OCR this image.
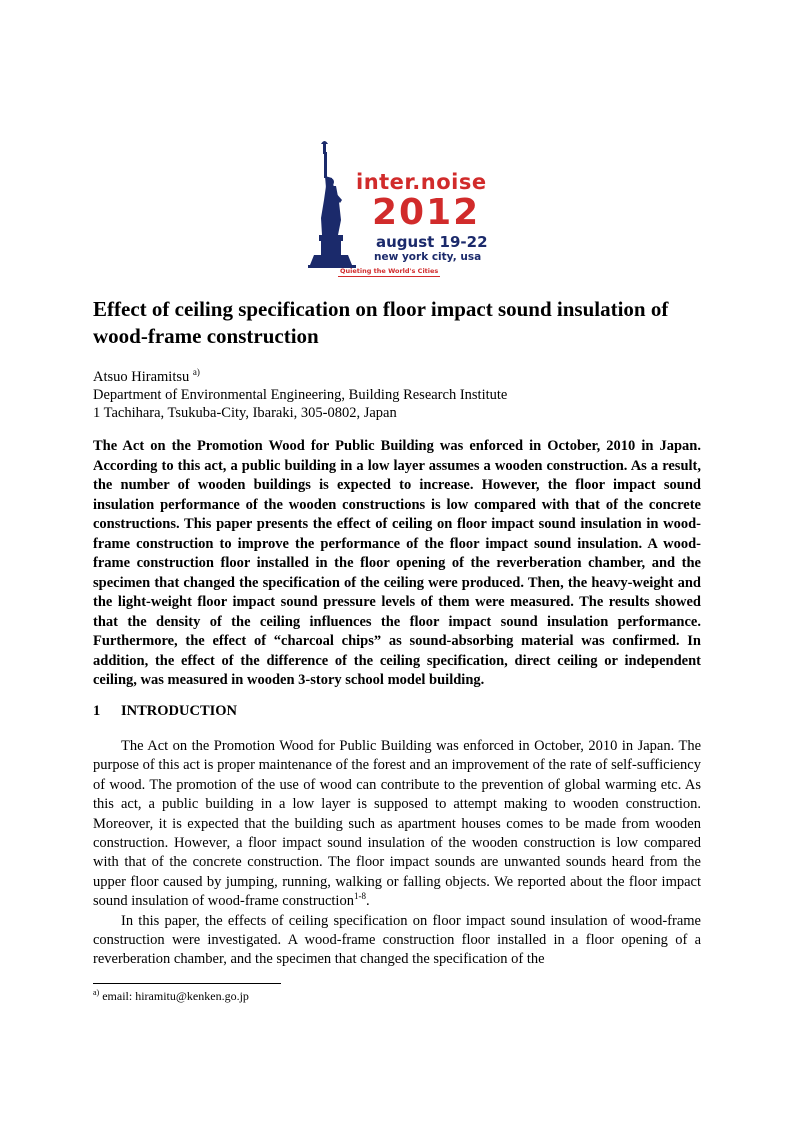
inter.noise
2012
august 19-22
new york city, usa
Quieting the World's Cities
Effect of ceiling specification on floor impact sound insulation of wood-frame construction
Atsuo Hiramitsu $^{a)}$
Department of Environmental Engineering, Building Research Institute
1 Tachihara, Tsukuba-City, Ibaraki, 305-0802, Japan

The Act on the Promotion Wood for Public Building was enforced in October, 2010 in Japan. According to this act, a public building in a low layer assumes a wooden construction. As a result, the number of wooden buildings is expected to increase. However, the floor impact sound insulation performance of the wooden constructions is low compared with that of the concrete constructions. This paper presents the effect of ceiling on floor impact sound insulation in wood-frame construction to improve the performance of the floor impact sound insulation. A wood-frame construction floor installed in the floor opening of the reverberation chamber, and the specimen that changed the specification of the ceiling were produced. Then, the heavy-weight and the light-weight floor impact sound pressure levels of them were measured. The results showed that the density of the ceiling influences the floor impact sound insulation performance. Furthermore, the effect of “charcoal chips” as sound-absorbing material was confirmed. In addition, the effect of the difference of the ceiling specification, direct ceiling or independent ceiling, was measured in wooden 3-story school model building.

1 INTRODUCTION

The Act on the Promotion Wood for Public Building was enforced in October, 2010 in Japan. The purpose of this act is proper maintenance of the forest and an improvement of the rate of self-sufficiency of wood. The promotion of the use of wood can contribute to the prevention of global warming etc. As this act, a public building in a low layer is supposed to attempt making to wooden construction. Moreover, it is expected that the building such as apartment houses comes to be made from wooden construction. However, a floor impact sound insulation of the wooden construction is low compared with that of the concrete construction. The floor impact sounds are unwanted sounds heard from the upper floor caused by jumping, running, walking or falling objects. We reported about the floor impact sound insulation of wood-frame construction$^{1-8}$.

In this paper, the effects of ceiling specification on floor impact sound insulation of wood-frame construction were investigated. A wood-frame construction floor installed in a floor opening of a reverberation chamber, and the specimen that changed the specification of the

$^{a)}$ email: hiramitu@kenken.go.jp
